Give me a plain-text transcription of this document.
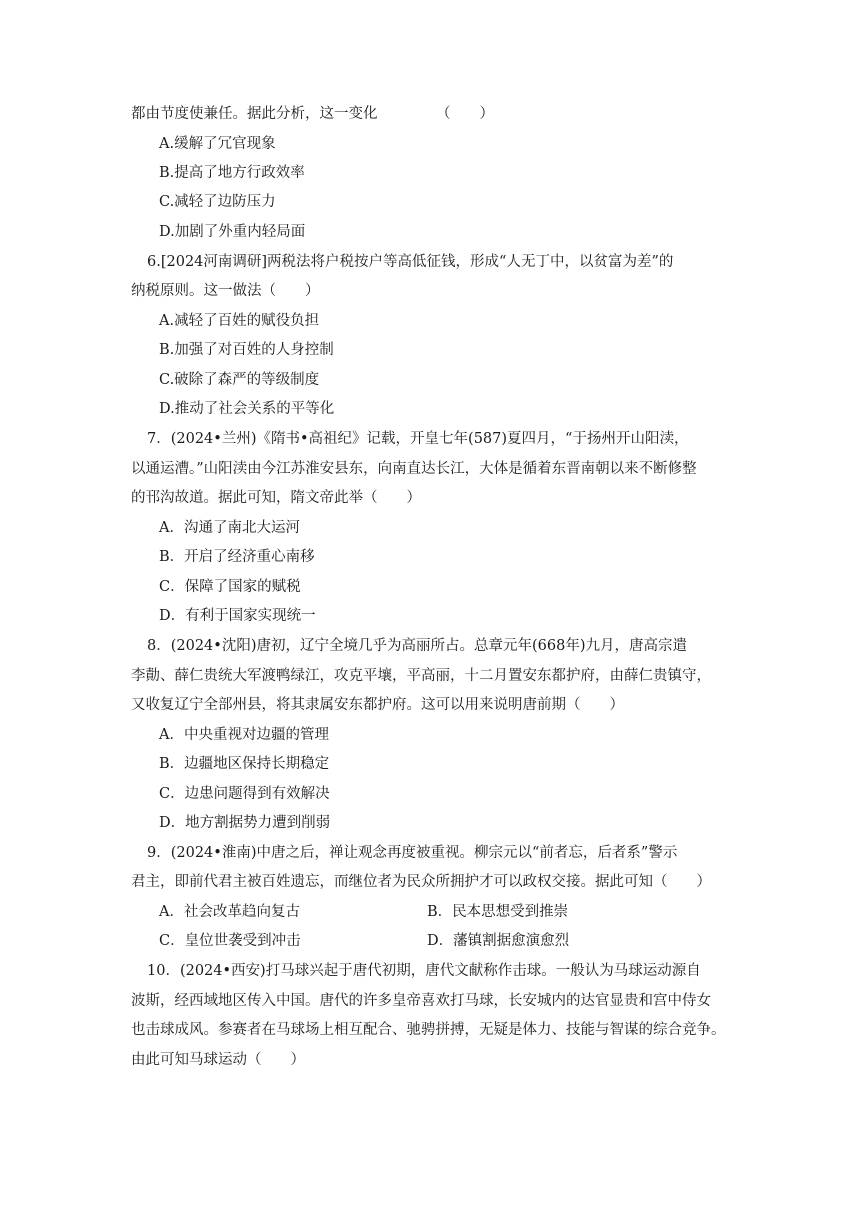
都由节度使兼任。据此分析，这一变化	（　　）
A.缓解了冗官现象
B.提高了地方行政效率
C.减轻了边防压力
D.加剧了外重内轻局面
6.[2024河南调研]两税法将户税按户等高低征钱，形成“人无丁中，以贫富为差”的
纳税原则。这一做法（　　）
A.减轻了百姓的赋役负担
B.加强了对百姓的人身控制
C.破除了森严的等级制度
D.推动了社会关系的平等化
7．(2024•兰州)《隋书•高祖纪》记载，开皇七年(587)夏四月，“于扬州开山阳渎，
以通运漕。”山阳渎由今江苏淮安县东，向南直达长江，大体是循着东晋南朝以来不断修整
的邗沟故道。据此可知，隋文帝此举（　　）
A．沟通了南北大运河
B．开启了经济重心南移
C．保障了国家的赋税
D．有利于国家实现统一
8．(2024•沈阳)唐初，辽宁全境几乎为高丽所占。总章元年(668年)九月，唐高宗遣
李勣、薛仁贵统大军渡鸭绿江，攻克平壤，平高丽，十二月置安东都护府，由薛仁贵镇守，
又收复辽宁全部州县，将其隶属安东都护府。这可以用来说明唐前期（　　）
A．中央重视对边疆的管理
B．边疆地区保持长期稳定
C．边患问题得到有效解决
D．地方割据势力遭到削弱
9．(2024•淮南)中唐之后，禅让观念再度被重视。柳宗元以“前者忘，后者系”警示
君主，即前代君主被百姓遗忘，而继位者为民众所拥护才可以政权交接。据此可知（　　）
A．社会改革趋向复古	B．民本思想受到推崇
C．皇位世袭受到冲击	D．藩镇割据愈演愈烈
10．(2024•西安)打马球兴起于唐代初期，唐代文献称作击球。一般认为马球运动源自
波斯，经西域地区传入中国。唐代的许多皇帝喜欢打马球，长安城内的达官显贵和宫中侍女
也击球成风。参赛者在马球场上相互配合、驰骋拼搏，无疑是体力、技能与智谋的综合竞争。
由此可知马球运动（　　）
